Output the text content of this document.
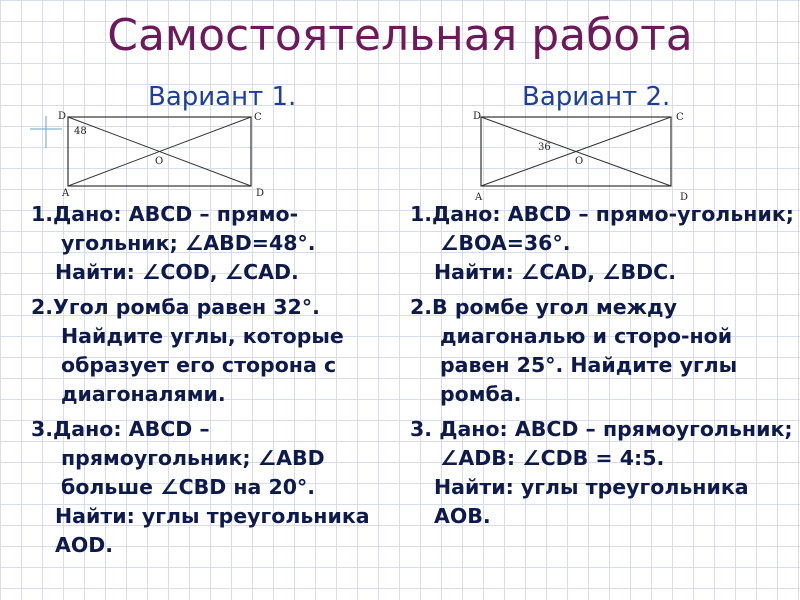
Самостоятельная работа
Вариант 1.	Вариант 2.
D	C
O
A	D
48
D	C
O
A	D
36

1.Дано: ABCD – прямо-угольник; ∠ABD=48°.

Найти: ∠COD, ∠CAD.

2.Угол ромба равен 32°. Найдите углы, которые образует его сторона с диагоналями.

3.Дано: ABCD – прямоугольник; ∠ABD больше ∠CBD на 20°.

Найти: углы треугольника AOD.

1.Дано: ABCD – прямо-угольник; ∠BOA=36°.

Найти: ∠CAD, ∠BDC.

2.В ромбе угол между диагональю и сторо-ной равен 25°. Найдите углы ромба.

3. Дано: ABCD – прямоугольник; ∠ADB: ∠CDB = 4:5.

Найти: углы треугольника AOB.
